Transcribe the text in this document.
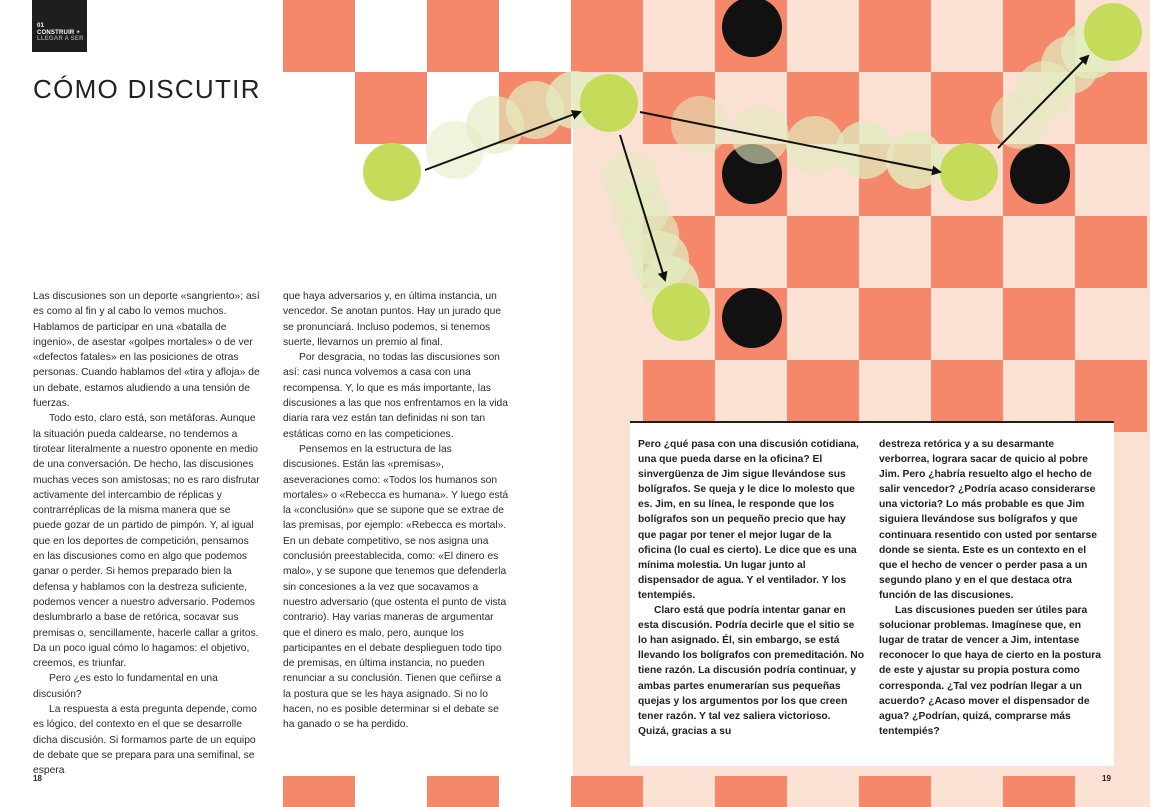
01
CONSTRUIR +
LLEGAR A SER
CÓMO DISCUTIR

Las discusiones son un deporte «sangriento»; así es como al fin y al cabo lo vemos muchos. Hablamos de participar en una «batalla de ingenio», de asestar «golpes mortales» o de ver «defectos fatales» en las posiciones de otras personas. Cuando hablamos del «tira y afloja» de un debate, estamos aludiendo a una tensión de fuerzas.

Todo esto, claro está, son metáforas. Aunque la situación pueda caldearse, no tendemos a tirotear literalmente a nuestro oponente en medio de una conversación. De hecho, las discusiones muchas veces son amistosas; no es raro disfrutar activamente del intercambio de réplicas y contrarréplicas de la misma manera que se puede gozar de un partido de pimpón. Y, al igual que en los deportes de competición, pensamos en las discusiones como en algo que podemos ganar o perder. Si hemos preparado bien la defensa y hablamos con la destreza suficiente, podemos vencer a nuestro adversario. Podemos deslumbrarlo a base de retórica, socavar sus premisas o, sencillamente, hacerle callar a gritos. Da un poco igual cómo lo hagamos: el objetivo, creemos, es triunfar.

Pero ¿es esto lo fundamental en una discusión?

La respuesta a esta pregunta depende, como es lógico, del contexto en el que se desarrolle dicha discusión. Si formamos parte de un equipo de debate que se prepara para una semifinal, se espera

que haya adversarios y, en última instancia, un vencedor. Se anotan puntos. Hay un jurado que se pronunciará. Incluso podemos, si tenemos suerte, llevarnos un premio al final.

Por desgracia, no todas las discusiones son así: casi nunca volvemos a casa con una recompensa. Y, lo que es más importante, las discusiones a las que nos enfrentamos en la vida diaria rara vez están tan definidas ni son tan estáticas como en las competiciones.

Pensemos en la estructura de las discusiones. Están las «premisas», aseveraciones como: «Todos los humanos son mortales» o «Rebecca es humana». Y luego está la «conclusión» que se supone que se extrae de las premisas, por ejemplo: «Rebecca es mortal». En un debate competitivo, se nos asigna una conclusión preestablecida, como: «El dinero es malo», y se supone que tenemos que defenderla sin concesiones a la vez que socavamos a nuestro adversario (que ostenta el punto de vista contrario). Hay varias maneras de argumentar que el dinero es malo, pero, aunque los participantes en el debate desplieguen todo tipo de premisas, en última instancia, no pueden renunciar a su conclusión. Tienen que ceñirse a la postura que se les haya asignado. Si no lo hacen, no es posible determinar si el debate se ha ganado o se ha perdido.

Pero ¿qué pasa con una discusión cotidiana, una que pueda darse en la oficina? El sinvergüenza de Jim sigue llevándose sus bolígrafos. Se queja y le dice lo molesto que es. Jim, en su línea, le responde que los bolígrafos son un pequeño precio que hay que pagar por tener el mejor lugar de la oficina (lo cual es cierto). Le dice que es una mínima molestia. Un lugar junto al dispensador de agua. Y el ventilador. Y los tentempiés.

Claro está que podría intentar ganar en esta discusión. Podría decirle que el sitio se lo han asignado. Él, sin embargo, se está llevando los bolígrafos con premeditación. No tiene razón. La discusión podría continuar, y ambas partes enumerarían sus pequeñas quejas y los argumentos por los que creen tener razón. Y tal vez saliera victorioso. Quizá, gracias a su

destreza retórica y a su desarmante verborrea, lograra sacar de quicio al pobre Jim. Pero ¿habría resuelto algo el hecho de salir vencedor? ¿Podría acaso considerarse una victoria? Lo más probable es que Jim siguiera llevándose sus bolígrafos y que continuara resentido con usted por sentarse donde se sienta. Este es un contexto en el que el hecho de vencer o perder pasa a un segundo plano y en el que destaca otra función de las discusiones.

Las discusiones pueden ser útiles para solucionar problemas. Imagínese que, en lugar de tratar de vencer a Jim, intentase reconocer lo que haya de cierto en la postura de este y ajustar su propia postura como corresponda. ¿Tal vez podrían llegar a un acuerdo? ¿Acaso mover el dispensador de agua? ¿Podrían, quizá, comprarse más tentempiés?

18	19
